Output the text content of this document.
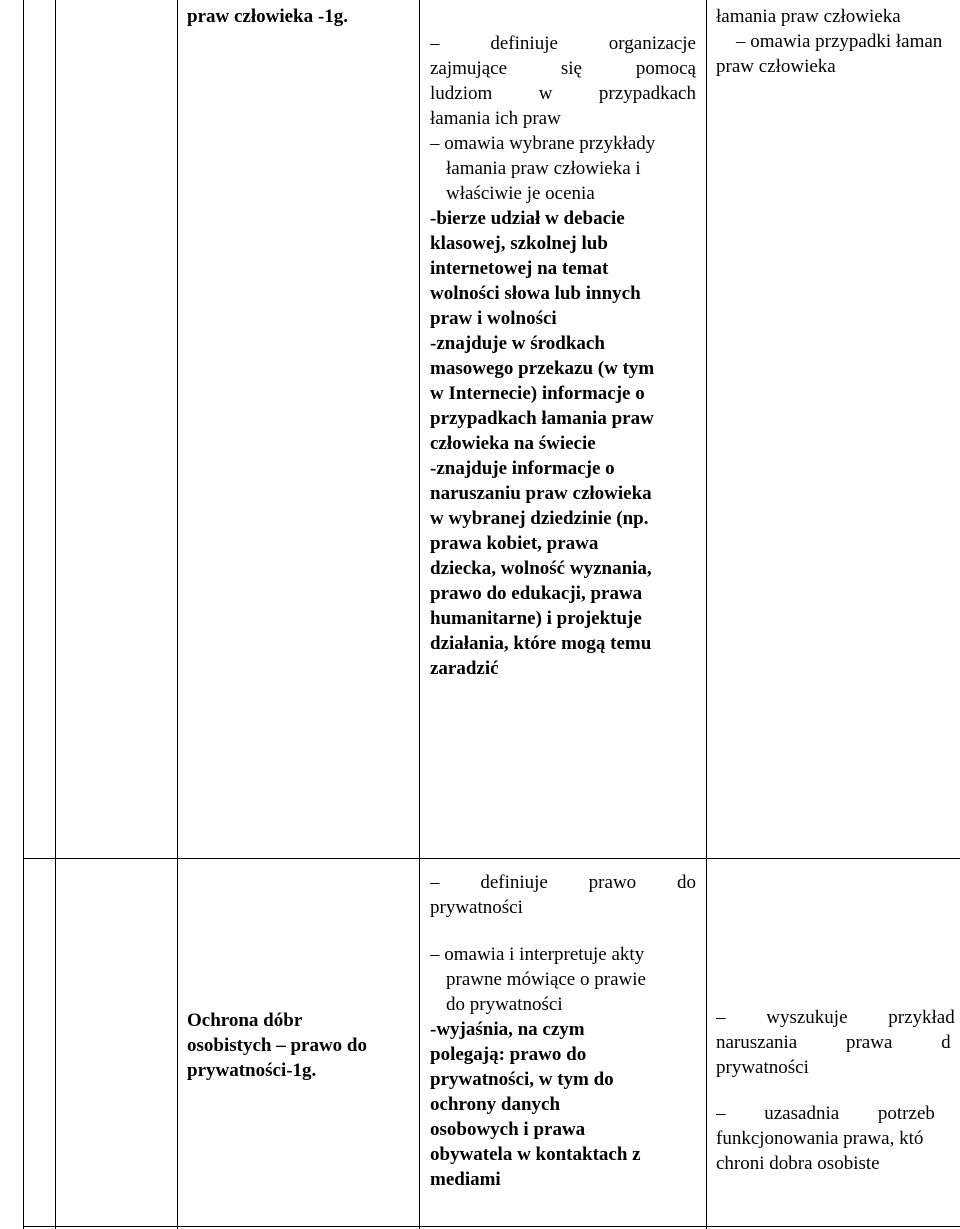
praw człowieka -1g.
– definiuje organizacje
zajmujące się pomocą
ludziom w przypadkach
łamania ich praw
– omawia wybrane przykłady
łamania praw człowieka i
właściwie je ocenia
-bierze udział w debacie
klasowej, szkolnej lub
internetowej na temat
wolności słowa lub innych
praw i wolności
-znajduje w środkach
masowego przekazu (w tym
w Internecie) informacje o
przypadkach łamania praw
człowieka na świecie
-znajduje informacje o
naruszaniu praw człowieka
w wybranej dziedzinie (np.
prawa kobiet, prawa
dziecka, wolność wyznania,
prawo do edukacji, prawa
humanitarne) i projektuje
działania, które mogą temu
zaradzić
łamania praw człowieka
– omawia przypadki łaman
praw człowieka
Ochrona dóbr
osobistych – prawo do
prywatności-1g.
– definiuje prawo do
prywatności
– omawia i interpretuje akty
prawne mówiące o prawie
do prywatności
-wyjaśnia, na czym
polegają: prawo do
prywatności, w tym do
ochrony danych
osobowych i prawa
obywatela w kontaktach z
mediami
– wyszukuje przykład
naruszania prawa d
prywatności
– uzasadnia potrzeb
funkcjonowania prawa, któ
chroni dobra osobiste
